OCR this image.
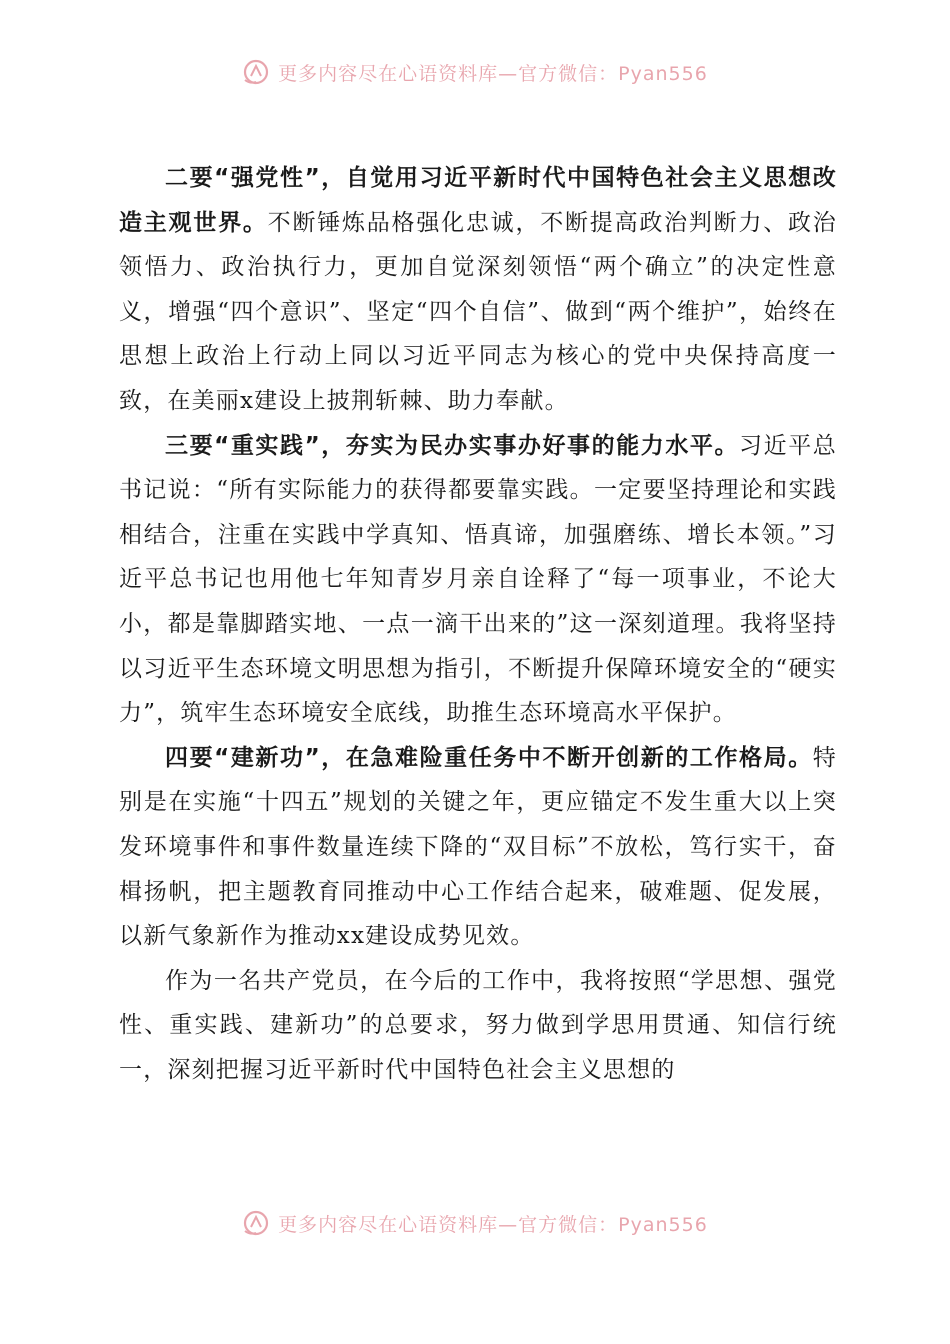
更多内容尽在心语资料库—官方微信：Pyan556

二要“强党性”，自觉用习近平新时代中国特色社会主义思想改造主观世界。不断锤炼品格强化忠诚，不断提高政治判断力、政治领悟力、政治执行力，更加自觉深刻领悟“两个确立”的决定性意义，增强“四个意识”、坚定“四个自信”、做到“两个维护”，始终在思想上政治上行动上同以习近平同志为核心的党中央保持高度一致，在美丽x建设上披荆斩棘、助力奉献。

三要“重实践”，夯实为民办实事办好事的能力水平。习近平总书记说：“所有实际能力的获得都要靠实践。一定要坚持理论和实践相结合，注重在实践中学真知、悟真谛，加强磨练、增长本领。”习近平总书记也用他七年知青岁月亲自诠释了“每一项事业，不论大小，都是靠脚踏实地、一点一滴干出来的”这一深刻道理。我将坚持以习近平生态环境文明思想为指引，不断提升保障环境安全的“硬实力”，筑牢生态环境安全底线，助推生态环境高水平保护。

四要“建新功”，在急难险重任务中不断开创新的工作格局。特别是在实施“十四五”规划的关键之年，更应锚定不发生重大以上突发环境事件和事件数量连续下降的“双目标”不放松，笃行实干，奋楫扬帆，把主题教育同推动中心工作结合起来，破难题、促发展，以新气象新作为推动xx建设成势见效。

作为一名共产党员，在今后的工作中，我将按照“学思想、强党性、重实践、建新功”的总要求，努力做到学思用贯通、知信行统一，深刻把握习近平新时代中国特色社会主义思想的

更多内容尽在心语资料库—官方微信：Pyan556
